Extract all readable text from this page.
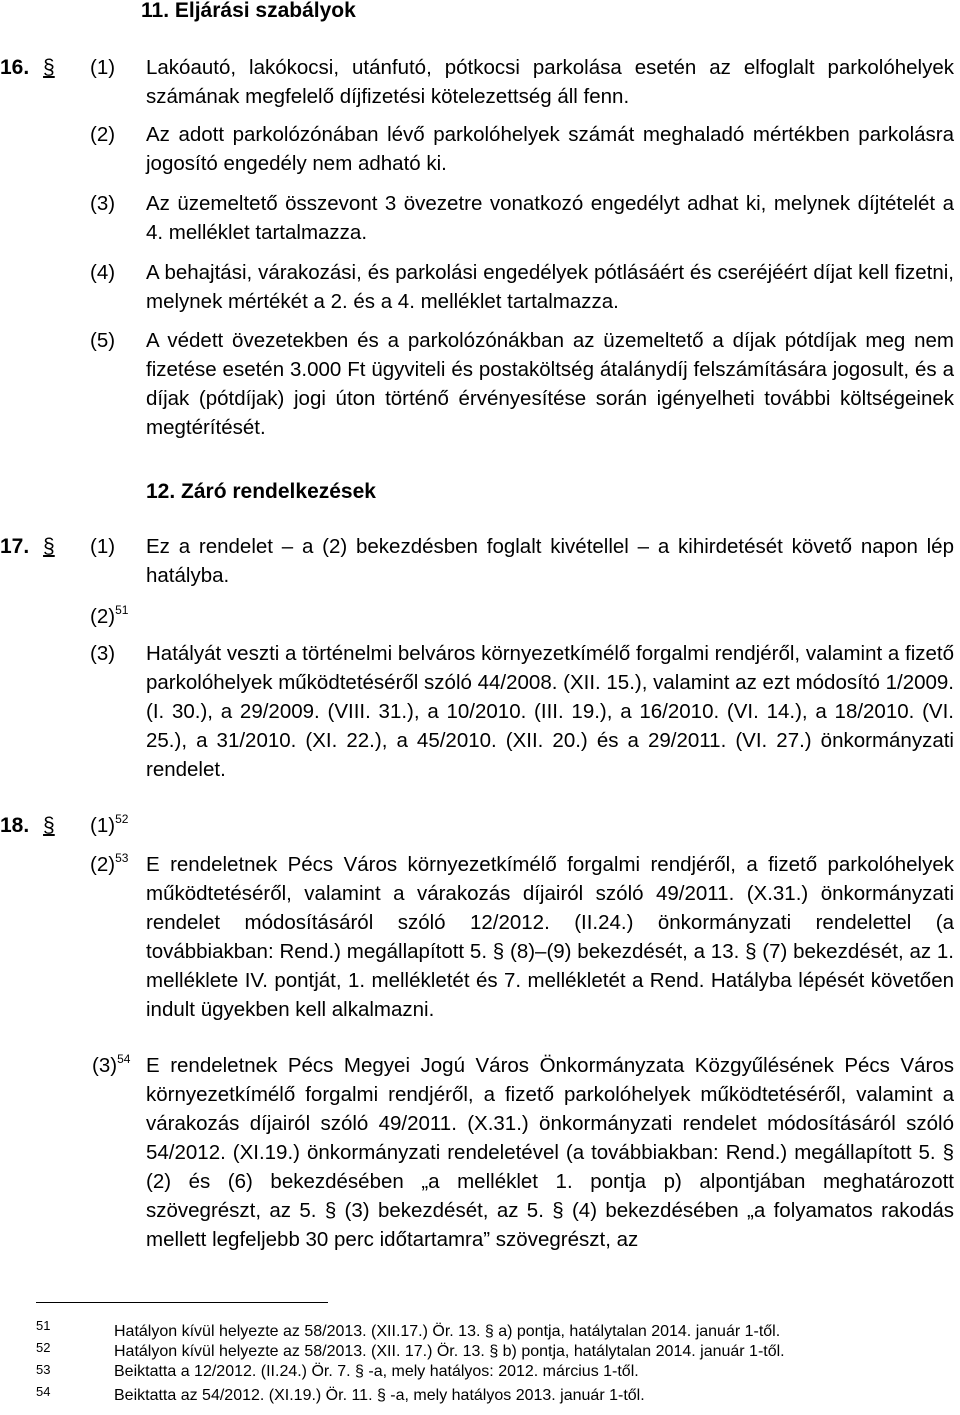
11. Eljárási szabályok
16. § (1) Lakóautó, lakókocsi, utánfutó, pótkocsi parkolása esetén az elfoglalt parkolóhelyek számának megfelelő díjfizetési kötelezettség áll fenn.
(2) Az adott parkolózónában lévő parkolóhelyek számát meghaladó mértékben parkolásra jogosító engedély nem adható ki.
(3) Az üzemeltető összevont 3 övezetre vonatkozó engedélyt adhat ki, melynek díjtételét a 4. melléklet tartalmazza.
(4) A behajtási, várakozási, és parkolási engedélyek pótlásáért és cseréjéért díjat kell fizetni, melynek mértékét a 2. és a 4. melléklet tartalmazza.
(5) A védett övezetekben és a parkolózónákban az üzemeltető a díjak pótdíjak meg nem fizetése esetén 3.000 Ft ügyviteli és postaköltség átalánydíj felszámítására jogosult, és a díjak (pótdíjak) jogi úton történő érvényesítése során igényelheti további költségeinek megtérítését.
12. Záró rendelkezések
17. § (1) Ez a rendelet – a (2) bekezdésben foglalt kivétellel – a kihirdetését követő napon lép hatályba.
$(2)^{51}$
(3) Hatályát veszti a történelmi belváros környezetkímélő forgalmi rendjéről, valamint a fizető parkolóhelyek működtetéséről szóló 44/2008. (XII. 15.), valamint az ezt módosító 1/2009. (I. 30.), a 29/2009. (VIII. 31.), a 10/2010. (III. 19.), a 16/2010. (VI. 14.), a 18/2010. (VI. 25.), a 31/2010. (XI. 22.), a 45/2010. (XII. 20.) és a 29/2011. (VI. 27.) önkormányzati rendelet.
18. § $(1)^{52}$
$(2)^{53}$ E rendeletnek Pécs Város környezetkímélő forgalmi rendjéről, a fizető parkolóhelyek működtetéséről, valamint a várakozás díjairól szóló 49/2011. (X.31.) önkormányzati rendelet módosításáról szóló 12/2012. (II.24.) önkormányzati rendelettel (a továbbiakban: Rend.) megállapított 5. § (8)–(9) bekezdését, a 13. § (7) bekezdését, az 1. melléklete IV. pontját, 1. mellékletét és 7. mellékletét a Rend. Hatályba lépését követően indult ügyekben kell alkalmazni.
$(3)^{54}$ E rendeletnek Pécs Megyei Jogú Város Önkormányzata Közgyűlésének Pécs Város környezetkímélő forgalmi rendjéről, a fizető parkolóhelyek működtetéséről, valamint a várakozás díjairól szóló 49/2011. (X.31.) önkormányzati rendelet módosításáról szóló 54/2012. (XI.19.) önkormányzati rendeletével (a továbbiakban: Rend.) megállapított 5. § (2) és (6) bekezdésében „a melléklet 1. pontja p) alpontjában meghatározott szövegrészt, az 5. § (3) bekezdését, az 5. § (4) bekezdésében „a folyamatos rakodás mellett legfeljebb 30 perc időtartamra” szövegrészt, az
51	Hatályon kívül helyezte az 58/2013. (XII.17.) Ör. 13. § a) pontja, hatálytalan 2014. január 1-től.
52	Hatályon kívül helyezte az 58/2013. (XII. 17.) Ör. 13. § b) pontja, hatálytalan 2014. január 1-től.
53	Beiktatta a 12/2012. (II.24.) Ör. 7. § -a, mely hatályos: 2012. március 1-től.
54	Beiktatta az 54/2012. (XI.19.) Ör. 11. § -a, mely hatályos 2013. január 1-től.
